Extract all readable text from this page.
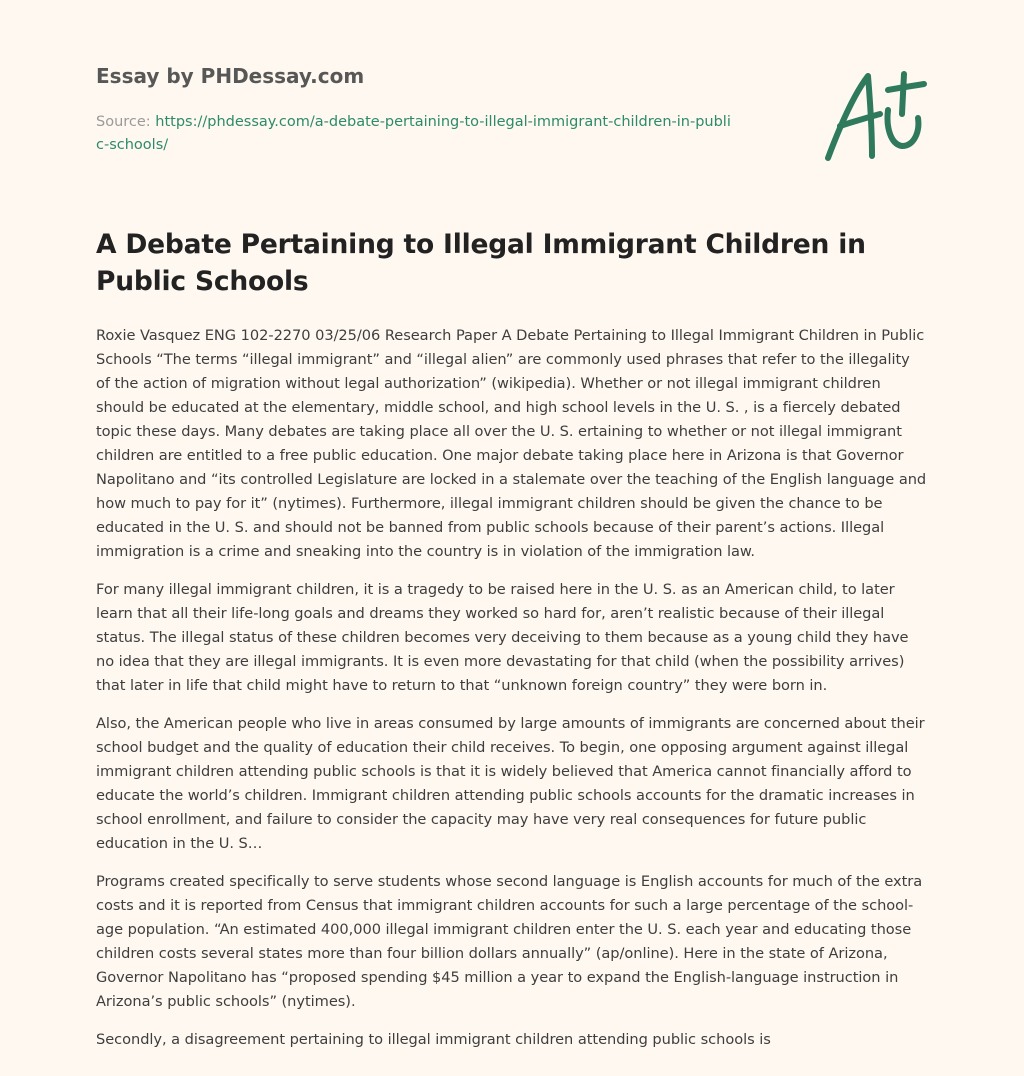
Essay by PHDessay.com

Source: https://phdessay.com/a-debate-pertaining-to-illegal-immigrant-children-in-public-schools/

A Debate Pertaining to Illegal Immigrant Children in Public Schools

Roxie Vasquez ENG 102-2270 03/25/06 Research Paper A Debate Pertaining to Illegal Immigrant Children in Public Schools “The terms “illegal immigrant” and “illegal alien” are commonly used phrases that refer to the illegality of the action of migration without legal authorization” (wikipedia). Whether or not illegal immigrant children should be educated at the elementary, middle school, and high school levels in the U. S. , is a fiercely debated topic these days. Many debates are taking place all over the U. S. ertaining to whether or not illegal immigrant children are entitled to a free public education. One major debate taking place here in Arizona is that Governor Napolitano and “its controlled Legislature are locked in a stalemate over the teaching of the English language and how much to pay for it” (nytimes). Furthermore, illegal immigrant children should be given the chance to be educated in the U. S. and should not be banned from public schools because of their parent’s actions. Illegal immigration is a crime and sneaking into the country is in violation of the immigration law.

For many illegal immigrant children, it is a tragedy to be raised here in the U. S. as an American child, to later learn that all their life-long goals and dreams they worked so hard for, aren’t realistic because of their illegal status. The illegal status of these children becomes very deceiving to them because as a young child they have no idea that they are illegal immigrants. It is even more devastating for that child (when the possibility arrives) that later in life that child might have to return to that “unknown foreign country” they were born in.

Also, the American people who live in areas consumed by large amounts of immigrants are concerned about their school budget and the quality of education their child receives. To begin, one opposing argument against illegal immigrant children attending public schools is that it is widely believed that America cannot financially afford to educate the world’s children. Immigrant children attending public schools accounts for the dramatic increases in school enrollment, and failure to consider the capacity may have very real consequences for future public education in the U. S…

Programs created specifically to serve students whose second language is English accounts for much of the extra costs and it is reported from Census that immigrant children accounts for such a large percentage of the school-age population. “An estimated 400,000 illegal immigrant children enter the U. S. each year and educating those children costs several states more than four billion dollars annually” (ap/online). Here in the state of Arizona, Governor Napolitano has “proposed spending $45 million a year to expand the English-language instruction in Arizona’s public schools” (nytimes).

Secondly, a disagreement pertaining to illegal immigrant children attending public schools is
